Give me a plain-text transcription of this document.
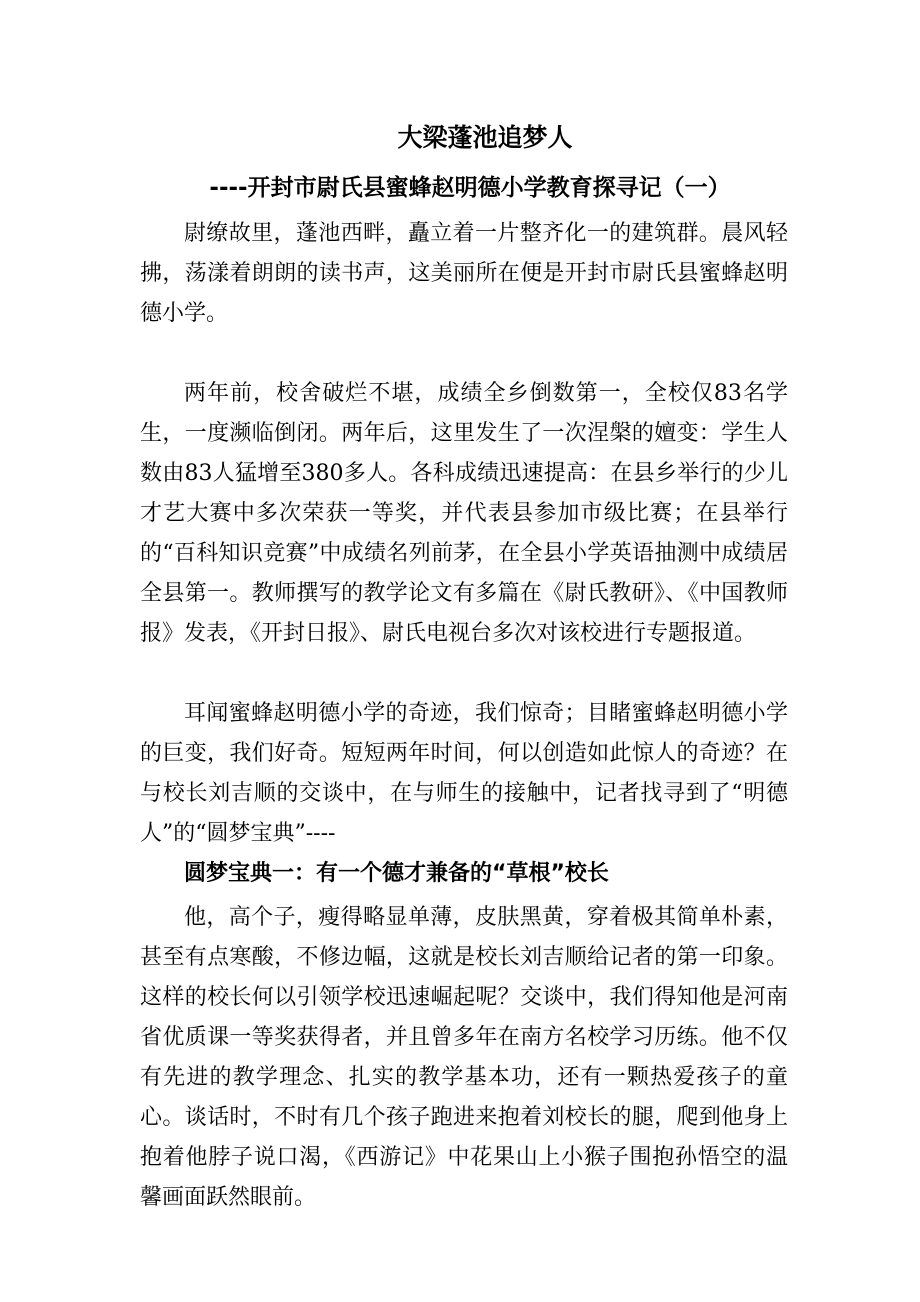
大梁蓬池追梦人
----开封市尉氏县蜜蜂赵明德小学教育探寻记（一）

尉缭故里，蓬池西畔，矗立着一片整齐化一的建筑群。晨风轻拂，荡漾着朗朗的读书声，这美丽所在便是开封市尉氏县蜜蜂赵明德小学。

两年前，校舍破烂不堪，成绩全乡倒数第一，全校仅83名学生，一度濒临倒闭。两年后，这里发生了一次涅槃的嬗变：学生人数由83人猛增至380多人。各科成绩迅速提高：在县乡举行的少儿才艺大赛中多次荣获一等奖，并代表县参加市级比赛；在县举行的“百科知识竞赛”中成绩名列前茅，在全县小学英语抽测中成绩居全县第一。教师撰写的教学论文有多篇在《尉氏教研》、《中国教师报》发表，《开封日报》、尉氏电视台多次对该校进行专题报道。

耳闻蜜蜂赵明德小学的奇迹，我们惊奇；目睹蜜蜂赵明德小学的巨变，我们好奇。短短两年时间，何以创造如此惊人的奇迹？在与校长刘吉顺的交谈中，在与师生的接触中，记者找寻到了“明德人”的“圆梦宝典”----

圆梦宝典一：有一个德才兼备的“草根”校长

他，高个子，瘦得略显单薄，皮肤黑黄，穿着极其简单朴素，甚至有点寒酸，不修边幅，这就是校长刘吉顺给记者的第一印象。这样的校长何以引领学校迅速崛起呢？交谈中，我们得知他是河南省优质课一等奖获得者，并且曾多年在南方名校学习历练。他不仅有先进的教学理念、扎实的教学基本功，还有一颗热爱孩子的童心。谈话时，不时有几个孩子跑进来抱着刘校长的腿，爬到他身上抱着他脖子说口渴，《西游记》中花果山上小猴子围抱孙悟空的温馨画面跃然眼前。
